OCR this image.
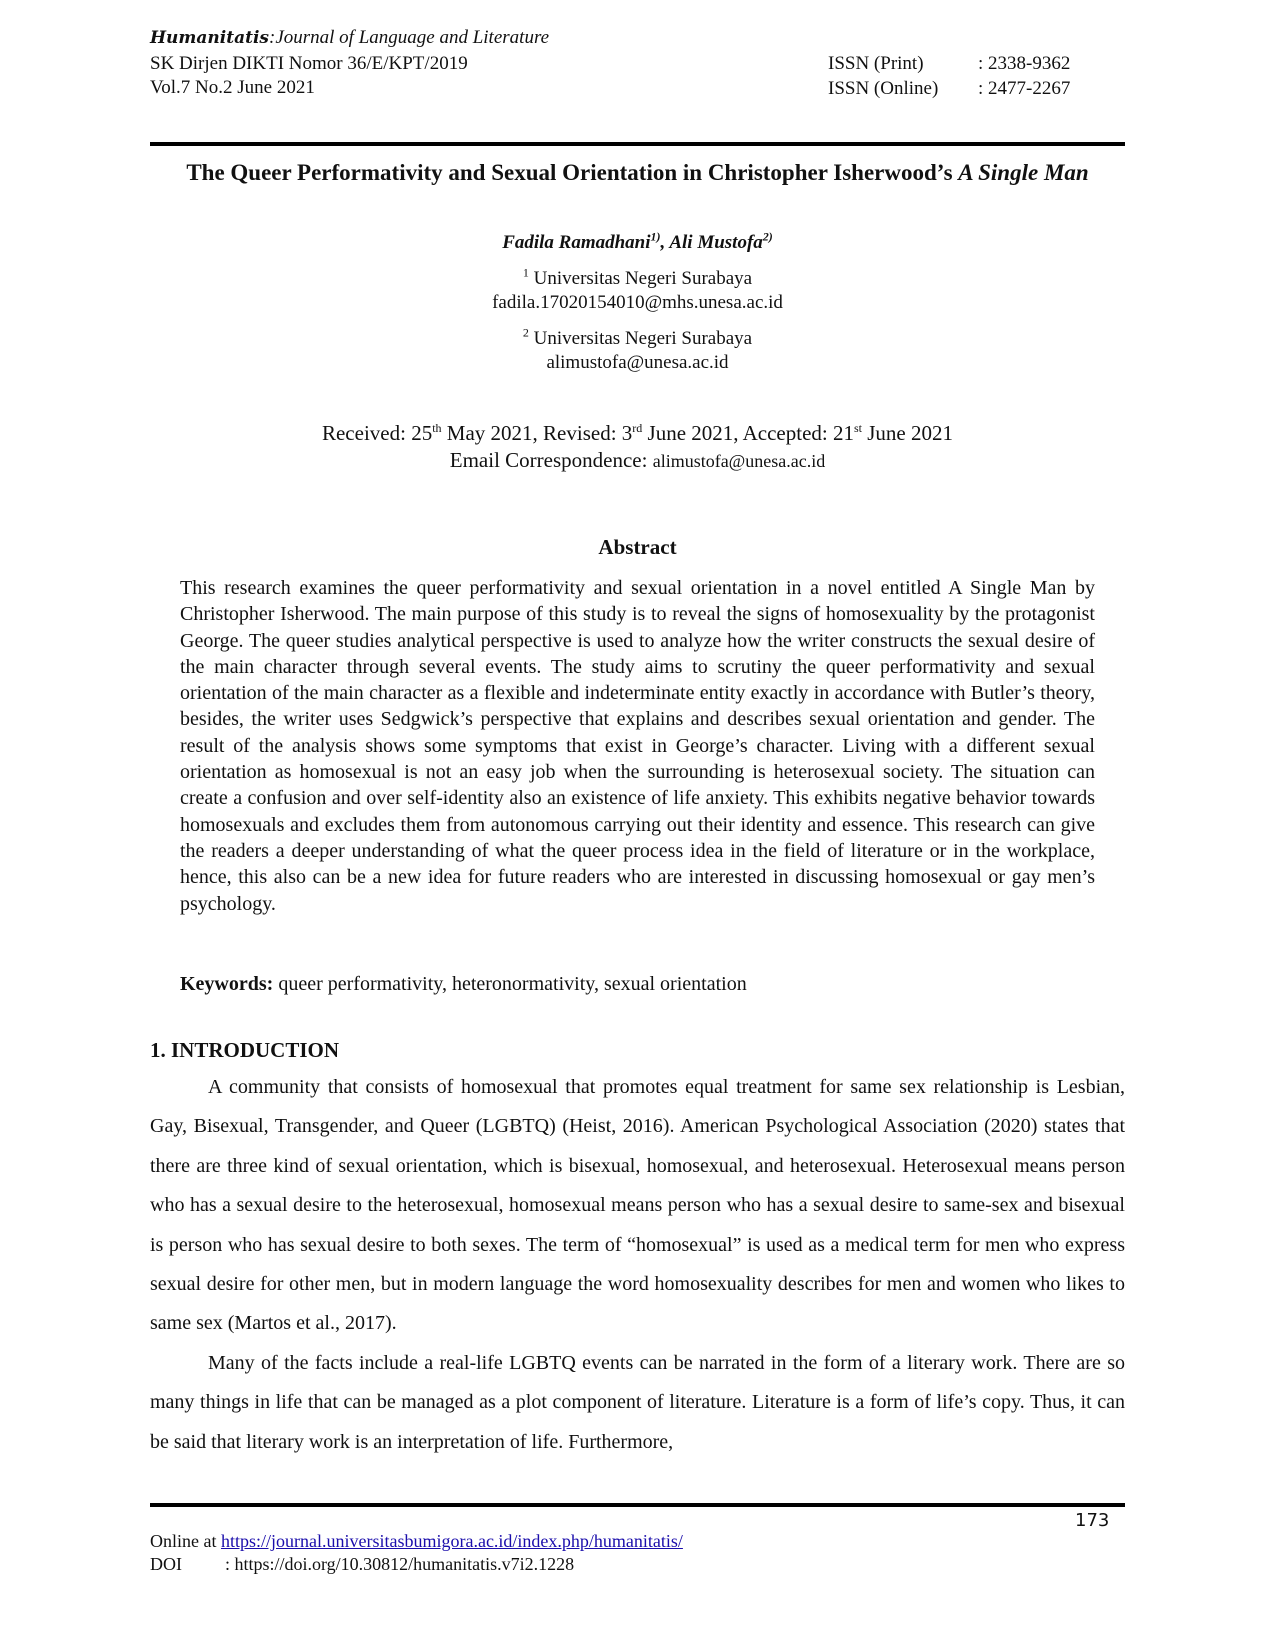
Humanitatis:Journal of Language and Literature
SK Dirjen DIKTI Nomor 36/E/KPT/2019
Vol.7 No.2 June 2021
ISSN (Print)	: 2338-9362
ISSN (Online) : 2477-2267
The Queer Performativity and Sexual Orientation in Christopher Isherwood’s A Single Man
Fadila Ramadhani$^{1)}$, Ali Mustofa$^{2)}$
$^1$ Universitas Negeri Surabaya
fadila.17020154010@mhs.unesa.ac.id
$^2$ Universitas Negeri Surabaya
alimustofa@unesa.ac.id
Received: 25th May 2021, Revised: 3rd June 2021, Accepted: 21st June 2021
Email Correspondence: alimustofa@unesa.ac.id
Abstract
This research examines the queer performativity and sexual orientation in a novel entitled A Single Man by Christopher Isherwood. The main purpose of this study is to reveal the signs of homosexuality by the protagonist George. The queer studies analytical perspective is used to analyze how the writer constructs the sexual desire of the main character through several events. The study aims to scrutiny the queer performativity and sexual orientation of the main character as a flexible and indeterminate entity exactly in accordance with Butler’s theory, besides, the writer uses Sedgwick’s perspective that explains and describes sexual orientation and gender. The result of the analysis shows some symptoms that exist in George’s character. Living with a different sexual orientation as homosexual is not an easy job when the surrounding is heterosexual society. The situation can create a confusion and over self-identity also an existence of life anxiety. This exhibits negative behavior towards homosexuals and excludes them from autonomous carrying out their identity and essence. This research can give the readers a deeper understanding of what the queer process idea in the field of literature or in the workplace, hence, this also can be a new idea for future readers who are interested in discussing homosexual or gay men’s psychology.
Keywords: queer performativity, heteronormativity, sexual orientation
1. INTRODUCTION

A community that consists of homosexual that promotes equal treatment for same sex relationship is Lesbian, Gay, Bisexual, Transgender, and Queer (LGBTQ) (Heist, 2016). American Psychological Association (2020) states that there are three kind of sexual orientation, which is bisexual, homosexual, and heterosexual. Heterosexual means person who has a sexual desire to the heterosexual, homosexual means person who has a sexual desire to same-sex and bisexual is person who has sexual desire to both sexes. The term of “homosexual” is used as a medical term for men who express sexual desire for other men, but in modern language the word homosexuality describes for men and women who likes to same sex (Martos et al., 2017).

Many of the facts include a real-life LGBTQ events can be narrated in the form of a literary work. There are so many things in life that can be managed as a plot component of literature. Literature is a form of life’s copy. Thus, it can be said that literary work is an interpretation of life. Furthermore,

173
Online at https://journal.universitasbumigora.ac.id/index.php/humanitatis/
DOI : https://doi.org/10.30812/humanitatis.v7i2.1228
